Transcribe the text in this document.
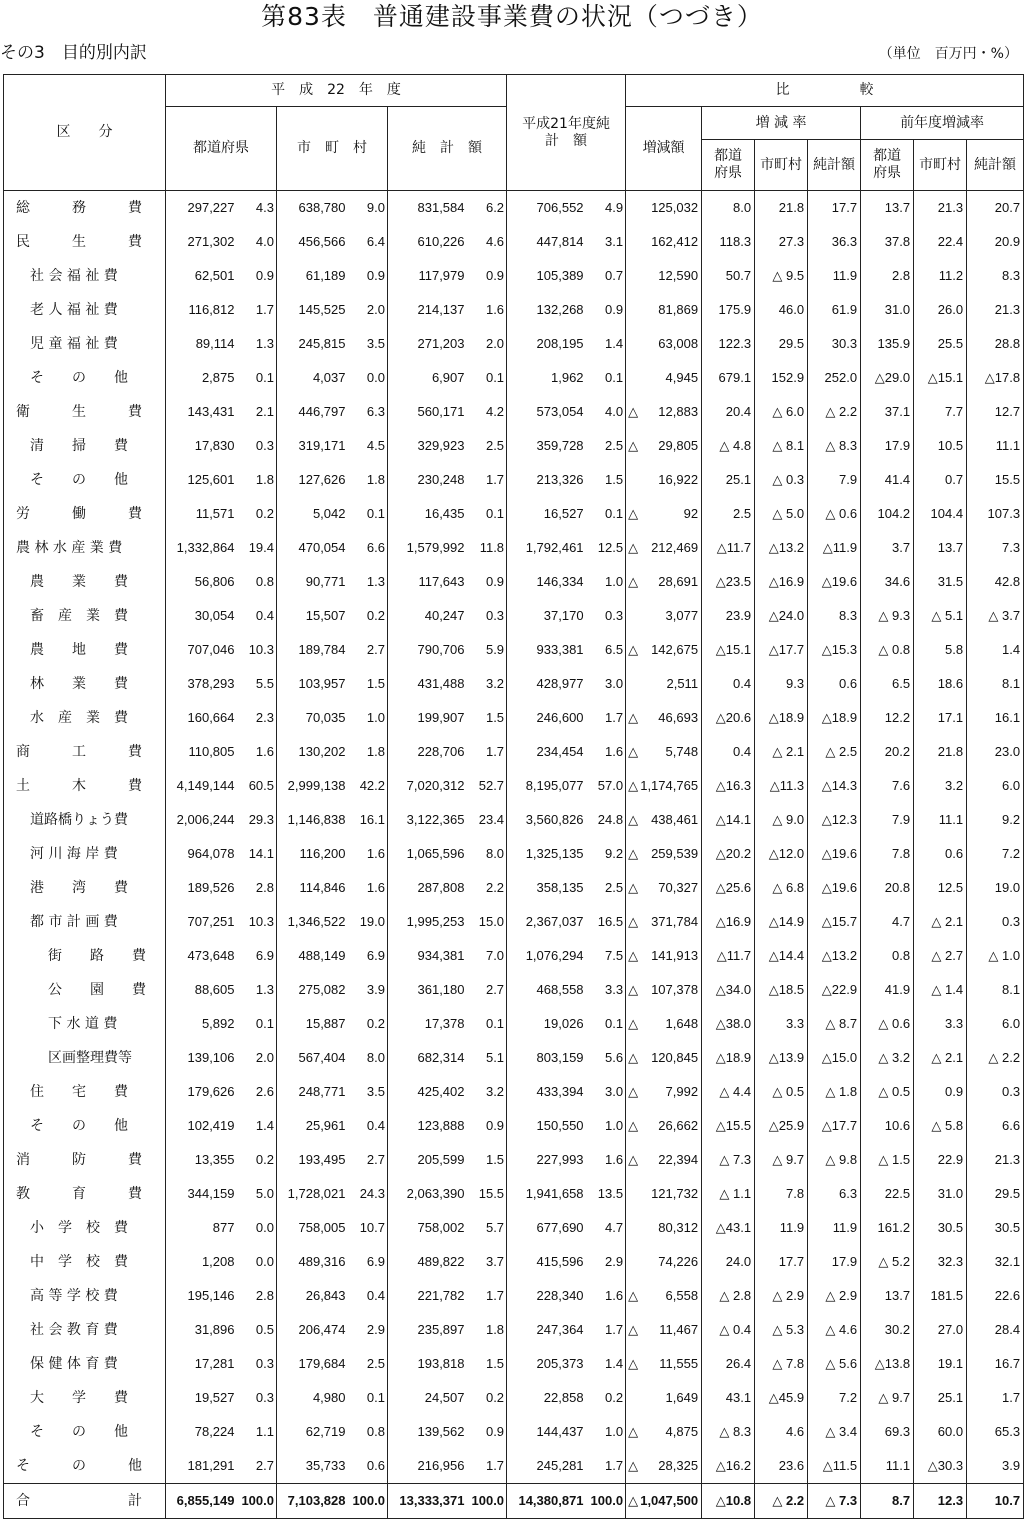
第83表　普通建設事業費の状況（つづき）
その3　目的別内訳	（単位　百万円・%）
区　　分	平　成　22　年　度						平成21年度純　計　額		比　　　　　較							
	都道府県		市　町　村		純　計　額				増減額		増 減 率			前年度増減率		
											都道府県	市町村	純計額	都道府県	市町村	純計額
総　　　務　　　費	297,227	4.3	638,780	9.0	831,584	6.2	706,552	4.9		125,032	8.0	21.8	17.7	13.7	21.3	20.7
民　　　生　　　費	271,302	4.0	456,566	6.4	610,226	4.6	447,814	3.1		162,412	118.3	27.3	36.3	37.8	22.4	20.9
社 会 福 祉 費	62,501	0.9	61,189	0.9	117,979	0.9	105,389	0.7		12,590	50.7	△ 9.5	11.9	2.8	11.2	8.3
老 人 福 祉 費	116,812	1.7	145,525	2.0	214,137	1.6	132,268	0.9		81,869	175.9	46.0	61.9	31.0	26.0	21.3
児 童 福 祉 費	89,114	1.3	245,815	3.5	271,203	2.0	208,195	1.4		63,008	122.3	29.5	30.3	135.9	25.5	28.8
そ　　の　　他	2,875	0.1	4,037	0.0	6,907	0.1	1,962	0.1		4,945	679.1	152.9	252.0	△29.0	△15.1	△17.8
衛　　　生　　　費	143,431	2.1	446,797	6.3	560,171	4.2	573,054	4.0	△	12,883	20.4	△ 6.0	△ 2.2	37.1	7.7	12.7
清　　掃　　費	17,830	0.3	319,171	4.5	329,923	2.5	359,728	2.5	△	29,805	△ 4.8	△ 8.1	△ 8.3	17.9	10.5	11.1
そ　　の　　他	125,601	1.8	127,626	1.8	230,248	1.7	213,326	1.5		16,922	25.1	△ 0.3	7.9	41.4	0.7	15.5
労　　　働　　　費	11,571	0.2	5,042	0.1	16,435	0.1	16,527	0.1	△	92	2.5	△ 5.0	△ 0.6	104.2	104.4	107.3
農 林 水 産 業 費	1,332,864	19.4	470,054	6.6	1,579,992	11.8	1,792,461	12.5	△	212,469	△11.7	△13.2	△11.9	3.7	13.7	7.3
農　　業　　費	56,806	0.8	90,771	1.3	117,643	0.9	146,334	1.0	△	28,691	△23.5	△16.9	△19.6	34.6	31.5	42.8
畜　産　業　費	30,054	0.4	15,507	0.2	40,247	0.3	37,170	0.3		3,077	23.9	△24.0	8.3	△ 9.3	△ 5.1	△ 3.7
農　　地　　費	707,046	10.3	189,784	2.7	790,706	5.9	933,381	6.5	△	142,675	△15.1	△17.7	△15.3	△ 0.8	5.8	1.4
林　　業　　費	378,293	5.5	103,957	1.5	431,488	3.2	428,977	3.0		2,511	0.4	9.3	0.6	6.5	18.6	8.1
水　産　業　費	160,664	2.3	70,035	1.0	199,907	1.5	246,600	1.7	△	46,693	△20.6	△18.9	△18.9	12.2	17.1	16.1
商　　　工　　　費	110,805	1.6	130,202	1.8	228,706	1.7	234,454	1.6	△	5,748	0.4	△ 2.1	△ 2.5	20.2	21.8	23.0
土　　　木　　　費	4,149,144	60.5	2,999,138	42.2	7,020,312	52.7	8,195,077	57.0	△	1,174,765	△16.3	△11.3	△14.3	7.6	3.2	6.0
道路橋りょう費	2,006,244	29.3	1,146,838	16.1	3,122,365	23.4	3,560,826	24.8	△	438,461	△14.1	△ 9.0	△12.3	7.9	11.1	9.2
河 川 海 岸 費	964,078	14.1	116,200	1.6	1,065,596	8.0	1,325,135	9.2	△	259,539	△20.2	△12.0	△19.6	7.8	0.6	7.2
港　　湾　　費	189,526	2.8	114,846	1.6	287,808	2.2	358,135	2.5	△	70,327	△25.6	△ 6.8	△19.6	20.8	12.5	19.0
都 市 計 画 費	707,251	10.3	1,346,522	19.0	1,995,253	15.0	2,367,037	16.5	△	371,784	△16.9	△14.9	△15.7	4.7	△ 2.1	0.3
街　　路　　費	473,648	6.9	488,149	6.9	934,381	7.0	1,076,294	7.5	△	141,913	△11.7	△14.4	△13.2	0.8	△ 2.7	△ 1.0
公　　園　　費	88,605	1.3	275,082	3.9	361,180	2.7	468,558	3.3	△	107,378	△34.0	△18.5	△22.9	41.9	△ 1.4	8.1
下 水 道 費	5,892	0.1	15,887	0.2	17,378	0.1	19,026	0.1	△	1,648	△38.0	3.3	△ 8.7	△ 0.6	3.3	6.0
区画整理費等	139,106	2.0	567,404	8.0	682,314	5.1	803,159	5.6	△	120,845	△18.9	△13.9	△15.0	△ 3.2	△ 2.1	△ 2.2
住　　宅　　費	179,626	2.6	248,771	3.5	425,402	3.2	433,394	3.0	△	7,992	△ 4.4	△ 0.5	△ 1.8	△ 0.5	0.9	0.3
そ　　の　　他	102,419	1.4	25,961	0.4	123,888	0.9	150,550	1.0	△	26,662	△15.5	△25.9	△17.7	10.6	△ 5.8	6.6
消　　　防　　　費	13,355	0.2	193,495	2.7	205,599	1.5	227,993	1.6	△	22,394	△ 7.3	△ 9.7	△ 9.8	△ 1.5	22.9	21.3
教　　　育　　　費	344,159	5.0	1,728,021	24.3	2,063,390	15.5	1,941,658	13.5		121,732	△ 1.1	7.8	6.3	22.5	31.0	29.5
小　学　校　費	877	0.0	758,005	10.7	758,002	5.7	677,690	4.7		80,312	△43.1	11.9	11.9	161.2	30.5	30.5
中　学　校　費	1,208	0.0	489,316	6.9	489,822	3.7	415,596	2.9		74,226	24.0	17.7	17.9	△ 5.2	32.3	32.1
高 等 学 校 費	195,146	2.8	26,843	0.4	221,782	1.7	228,340	1.6	△	6,558	△ 2.8	△ 2.9	△ 2.9	13.7	181.5	22.6
社 会 教 育 費	31,896	0.5	206,474	2.9	235,897	1.8	247,364	1.7	△	11,467	△ 0.4	△ 5.3	△ 4.6	30.2	27.0	28.4
保 健 体 育 費	17,281	0.3	179,684	2.5	193,818	1.5	205,373	1.4	△	11,555	26.4	△ 7.8	△ 5.6	△13.8	19.1	16.7
大　　学　　費	19,527	0.3	4,980	0.1	24,507	0.2	22,858	0.2		1,649	43.1	△45.9	7.2	△ 9.7	25.1	1.7
そ　　の　　他	78,224	1.1	62,719	0.8	139,562	0.9	144,437	1.0	△	4,875	△ 8.3	4.6	△ 3.4	69.3	60.0	65.3
そ　　　の　　　他	181,291	2.7	35,733	0.6	216,956	1.7	245,281	1.7	△	28,325	△16.2	23.6	△11.5	11.1	△30.3	3.9
合　　　　　　　計	6,855,149	100.0	7,103,828	100.0	13,333,371	100.0	14,380,871	100.0	△	1,047,500	△10.8	△ 2.2	△ 7.3	8.7	12.3	10.7
